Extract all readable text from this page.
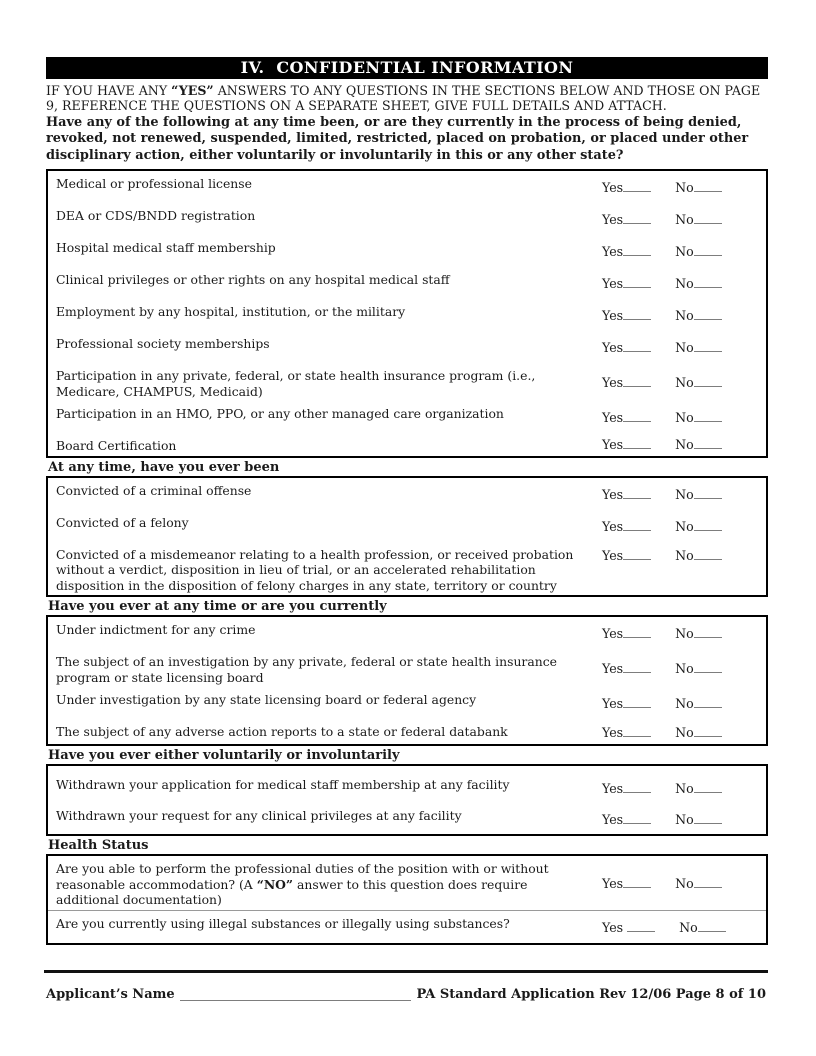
IV.  CONFIDENTIAL INFORMATION

IF YOU HAVE ANY “YES” ANSWERS TO ANY QUESTIONS IN THE SECTIONS BELOW AND THOSE ON PAGE 9, REFERENCE THE QUESTIONS ON A SEPARATE SHEET, GIVE FULL DETAILS AND ATTACH.

Have any of the following at any time been, or are they currently in the process of being denied, revoked, not renewed, suspended, limited, restricted, placed on probation, or placed under other disciplinary action, either voluntarily or involuntarily in this or any other state?

Medical or professional license	Yes	No
DEA or CDS/BNDD registration	Yes	No
Hospital medical staff membership	Yes	No
Clinical privileges or other rights on any hospital medical staff	Yes	No
Employment by any hospital, institution, or the military	Yes	No
Professional society memberships	Yes	No
Participation in any private, federal, or state health insurance program (i.e., Medicare, CHAMPUS, Medicaid)
Yes	No
Participation in an HMO, PPO, or any other managed care organization	Yes	No
Board Certification	Yes	No
At any time, have you ever been
Convicted of a criminal offense	Yes	No
Convicted of a felony	Yes	No
Convicted of a misdemeanor relating to a health profession, or received probation without a verdict, disposition in lieu of trial, or an accelerated rehabilitation disposition in the disposition of felony charges in any state, territory or country
Yes	No
Have you ever at any time or are you currently
Under indictment for any crime	Yes	No
The subject of an investigation by any private, federal or state health insurance program or state licensing board
Yes	No
Under investigation by any state licensing board or federal agency	Yes	No
The subject of any adverse action reports to a state or federal databank	Yes	No
Have you ever either voluntarily or involuntarily
Withdrawn your application for medical staff membership at any facility	Yes	No
Withdrawn your request for any clinical privileges at any facility	Yes	No
Health Status
Are you able to perform the professional duties of the position with or without reasonable accommodation? (A “NO” answer to this question does require additional documentation)
Yes	No
Are you currently using illegal substances or illegally using substances?	Yes	No
Applicant’s Name	PA Standard Application Rev 12/06 Page 8 of 10
